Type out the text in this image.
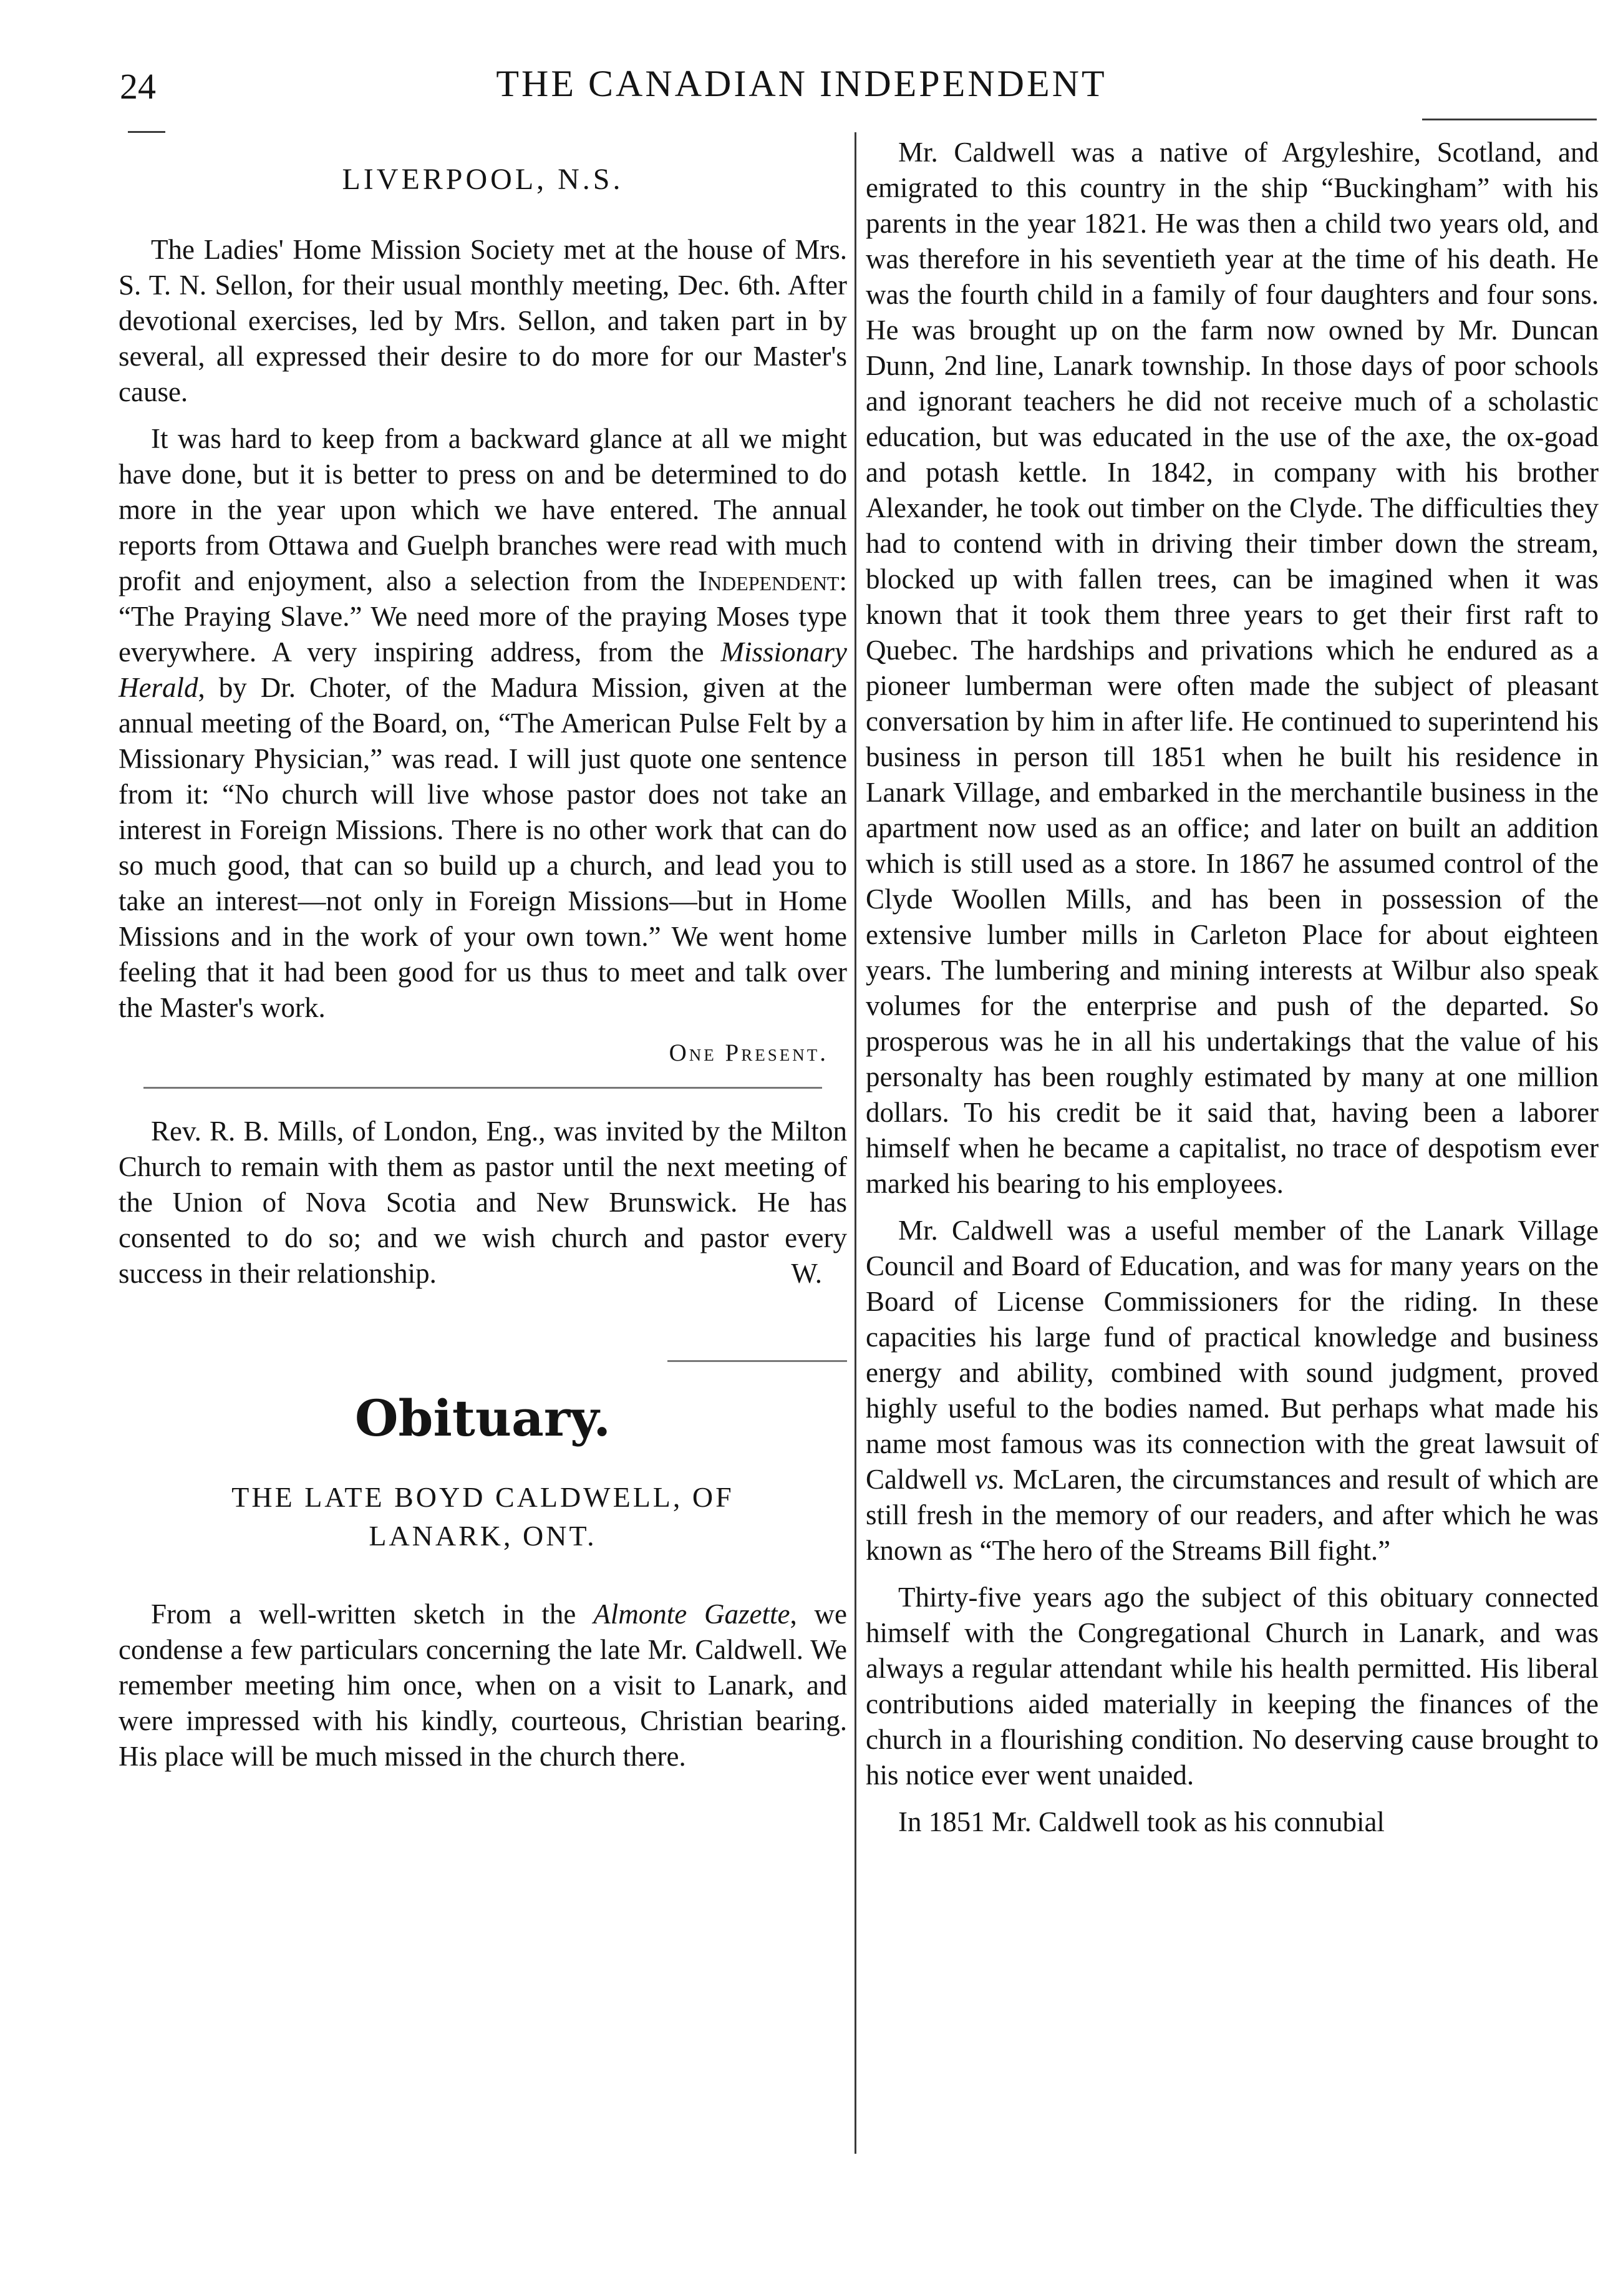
24	THE CANADIAN INDEPENDENT
LIVERPOOL, N.S.

The Ladies' Home Mission Society met at the house of Mrs. S. T. N. Sellon, for their usual monthly meeting, Dec. 6th. After devotional exercises, led by Mrs. Sellon, and taken part in by several, all expressed their desire to do more for our Master's cause.

It was hard to keep from a backward glance at all we might have done, but it is better to press on and be determined to do more in the year upon which we have entered. The annual reports from Ottawa and Guelph branches were read with much profit and enjoyment, also a selection from the Independent: “The Praying Slave.” We need more of the praying Moses type everywhere. A very inspiring address, from the Missionary Herald, by Dr. Choter, of the Madura Mission, given at the annual meeting of the Board, on, “The American Pulse Felt by a Missionary Physician,” was read. I will just quote one sentence from it: “No church will live whose pastor does not take an interest in Foreign Missions. There is no other work that can do so much good, that can so build up a church, and lead you to take an interest—not only in Foreign Missions—but in Home Missions and in the work of your own town.” We went home feeling that it had been good for us thus to meet and talk over the Master's work.

One Present.

Rev. R. B. Mills, of London, Eng., was invited by the Milton Church to remain with them as pastor until the next meeting of the Union of Nova Scotia and New Brunswick. He has consented to do so; and we wish church and pastor every success in their relationship.	W.

Obituary.
THE LATE BOYD CALDWELL, OF
LANARK, ONT.

From a well-written sketch in the Almonte Gazette, we condense a few particulars concerning the late Mr. Caldwell. We remember meeting him once, when on a visit to Lanark, and were impressed with his kindly, courteous, Christian bearing. His place will be much missed in the church there.

Mr. Caldwell was a native of Argyleshire, Scotland, and emigrated to this country in the ship “Buckingham” with his parents in the year 1821. He was then a child two years old, and was therefore in his seventieth year at the time of his death. He was the fourth child in a family of four daughters and four sons. He was brought up on the farm now owned by Mr. Duncan Dunn, 2nd line, Lanark township. In those days of poor schools and ignorant teachers he did not receive much of a scholastic education, but was educated in the use of the axe, the ox-goad and potash kettle. In 1842, in company with his brother Alexander, he took out timber on the Clyde. The difficulties they had to contend with in driving their timber down the stream, blocked up with fallen trees, can be imagined when it was known that it took them three years to get their first raft to Quebec. The hardships and privations which he endured as a pioneer lumberman were often made the subject of pleasant conversation by him in after life. He continued to superintend his business in person till 1851 when he built his residence in Lanark Village, and embarked in the merchantile business in the apartment now used as an office; and later on built an addition which is still used as a store. In 1867 he assumed control of the Clyde Woollen Mills, and has been in possession of the extensive lumber mills in Carleton Place for about eighteen years. The lumbering and mining interests at Wilbur also speak volumes for the enterprise and push of the departed. So prosperous was he in all his undertakings that the value of his personalty has been roughly estimated by many at one million dollars. To his credit be it said that, having been a laborer himself when he became a capitalist, no trace of despotism ever marked his bearing to his employees.

Mr. Caldwell was a useful member of the Lanark Village Council and Board of Education, and was for many years on the Board of License Commissioners for the riding. In these capacities his large fund of practical knowledge and business energy and ability, combined with sound judgment, proved highly useful to the bodies named. But perhaps what made his name most famous was its connection with the great lawsuit of Caldwell vs. McLaren, the circumstances and result of which are still fresh in the memory of our readers, and after which he was known as “The hero of the Streams Bill fight.”

Thirty-five years ago the subject of this obituary connected himself with the Congregational Church in Lanark, and was always a regular attendant while his health permitted. His liberal contributions aided materially in keeping the finances of the church in a flourishing condition. No deserving cause brought to his notice ever went unaided.

In 1851 Mr. Caldwell took as his connubial
